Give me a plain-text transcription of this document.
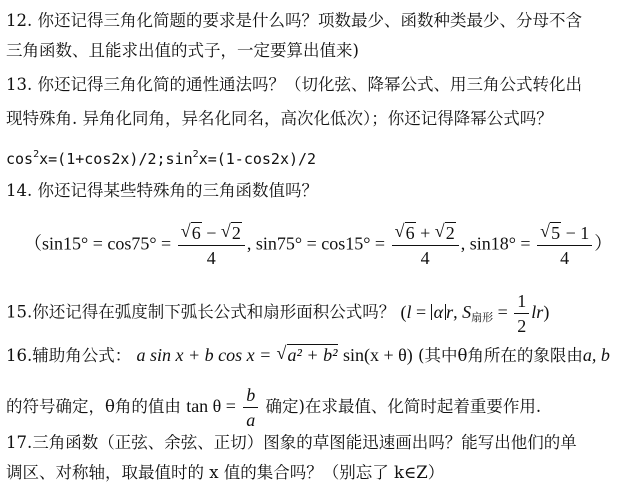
12. 你还记得三角化简题的要求是什么吗？项数最少、函数种类最少、分母不含
三角函数、且能求出值的式子，一定要算出值来)
13. 你还记得三角化简的通性通法吗？（切化弦、降幂公式、用三角公式转化出
现特殊角. 异角化同角，异名化同名，高次化低次）；你还记得降幂公式吗？
$\cos^2x=(1+\cos 2x)/2;\sin^2x=(1-\cos 2x)/2$
14. 你还记得某些特殊角的三角函数值吗？
（$\sin 15^\circ = \cos 75^\circ = \frac{√ 6 - √ 2}{4}$ , $\sin 75^\circ = \cos 15^\circ = \frac{√ 6 + √ 2}{4}$ , $\sin 18^\circ = \frac{√ 5 - 1}{4}$ ）
15.你还记得在弧度制下弧长公式和扇形面积公式吗？ (l = α r, $S_{扇形} = \frac{1}{2} lr$)
16.辅助角公式： a sin x + b cos x = √ a² + b² sin(x + θ) (其中θ角所在的象限由a, b
的符号确定，θ角的值由 $\tan \theta = \frac{b}{a}$ 确定)在求最值、化简时起着重要作用.
17.三角函数（正弦、余弦、正切）图象的草图能迅速画出吗？能写出他们的单
调区、对称轴，取最值时的 x 值的集合吗？（别忘了 k∈Z）
